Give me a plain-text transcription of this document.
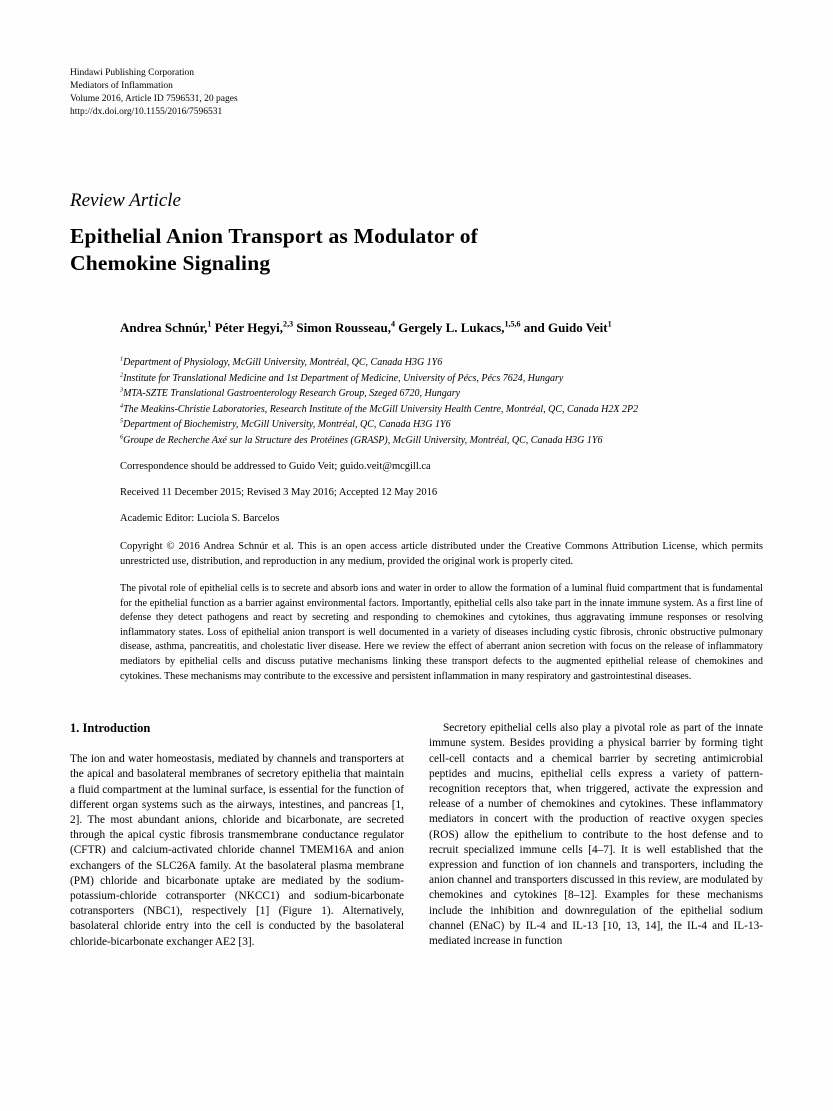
Hindawi Publishing Corporation
Mediators of Inflammation
Volume 2016, Article ID 7596531, 20 pages
http://dx.doi.org/10.1155/2016/7596531
Review Article
Epithelial Anion Transport as Modulator of
Chemokine Signaling

Andrea Schnúr,$^1$ Péter Hegyi,$^{2,3}$ Simon Rousseau,$^4$ Gergely L. Lukacs,$^{1,5,6}$ and Guido Veit$^1$

$^1$Department of Physiology, McGill University, Montréal, QC, Canada H3G 1Y6
$^2$Institute for Translational Medicine and 1st Department of Medicine, University of Pécs, Pécs 7624, Hungary
$^3$MTA-SZTE Translational Gastroenterology Research Group, Szeged 6720, Hungary
$^4$The Meakins-Christie Laboratories, Research Institute of the McGill University Health Centre, Montréal, QC, Canada H2X 2P2
$^5$Department of Biochemistry, McGill University, Montréal, QC, Canada H3G 1Y6
$^6$Groupe de Recherche Axé sur la Structure des Protéines (GRASP), McGill University, Montréal, QC, Canada H3G 1Y6

Correspondence should be addressed to Guido Veit; guido.veit@mcgill.ca

Received 11 December 2015; Revised 3 May 2016; Accepted 12 May 2016

Academic Editor: Luciola S. Barcelos

Copyright © 2016 Andrea Schnúr et al. This is an open access article distributed under the Creative Commons Attribution License, which permits unrestricted use, distribution, and reproduction in any medium, provided the original work is properly cited.

The pivotal role of epithelial cells is to secrete and absorb ions and water in order to allow the formation of a luminal fluid compartment that is fundamental for the epithelial function as a barrier against environmental factors. Importantly, epithelial cells also take part in the innate immune system. As a first line of defense they detect pathogens and react by secreting and responding to chemokines and cytokines, thus aggravating immune responses or resolving inflammatory states. Loss of epithelial anion transport is well documented in a variety of diseases including cystic fibrosis, chronic obstructive pulmonary disease, asthma, pancreatitis, and cholestatic liver disease. Here we review the effect of aberrant anion secretion with focus on the release of inflammatory mediators by epithelial cells and discuss putative mechanisms linking these transport defects to the augmented epithelial release of chemokines and cytokines. These mechanisms may contribute to the excessive and persistent inflammation in many respiratory and gastrointestinal diseases.

1. Introduction

The ion and water homeostasis, mediated by channels and transporters at the apical and basolateral membranes of secretory epithelia that maintain a fluid compartment at the luminal surface, is essential for the function of different organ systems such as the airways, intestines, and pancreas [1, 2]. The most abundant anions, chloride and bicarbonate, are secreted through the apical cystic fibrosis transmembrane conductance regulator (CFTR) and calcium-activated chloride channel TMEM16A and anion exchangers of the SLC26A family. At the basolateral plasma membrane (PM) chloride and bicarbonate uptake are mediated by the sodium-potassium-chloride cotransporter (NKCC1) and sodium-bicarbonate cotransporters (NBC1), respectively [1] (Figure 1). Alternatively, basolateral chloride entry into the cell is conducted by the basolateral chloride-bicarbonate exchanger AE2 [3].

Secretory epithelial cells also play a pivotal role as part of the innate immune system. Besides providing a physical barrier by forming tight cell-cell contacts and a chemical barrier by secreting antimicrobial peptides and mucins, epithelial cells express a variety of pattern-recognition receptors that, when triggered, activate the expression and release of a number of chemokines and cytokines. These inflammatory mediators in concert with the production of reactive oxygen species (ROS) allow the epithelium to contribute to the host defense and to recruit specialized immune cells [4–7]. It is well established that the expression and function of ion channels and transporters, including the anion channel and transporters discussed in this review, are modulated by chemokines and cytokines [8–12]. Examples for these mechanisms include the inhibition and downregulation of the epithelial sodium channel (ENaC) by IL-4 and IL-13 [10, 13, 14], the IL-4 and IL-13-mediated increase in function
